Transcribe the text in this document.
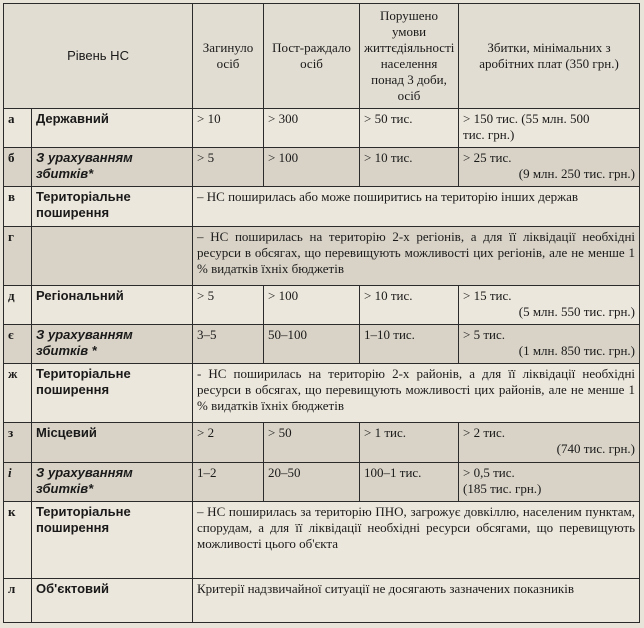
Рівень НС		Загинуло осіб	Пост-раждало осіб	Порушено умови життєдіяльності населення понад 3 доби, осіб	Збитки, мінімальних з аробітних плат (350 грн.)
а	Державний	> 10	> 300	> 50 тис.	> 150 тис. (55 млн. 500
тис. грн.)

б	З урахуванням збитків*	> 5	> 100	> 10 тис.	> 25 тис.
(9 млн. 250 тис. грн.)

в	Територіальне поширення	– НС поширилась або може поширитись на територію інших держав			
г		– НС поширилась на територію 2-х регіонів, а для її ліквідації необхідні ресурси в обсягах, що перевищують можливості цих регіонів, але не менше 1 % видатків їхніх бюджетів			
д	Регіональний	> 5	> 100	> 10 тис.	> 15 тис.
(5 млн. 550 тис. грн.)

є	З урахуванням збитків *	3–5	50–100	1–10 тис.	> 5 тис.
(1 млн. 850 тис. грн.)

ж	Територіальне поширення	- НС поширилась на територію 2-х районів, а для її ліквідації необхідні ресурси в обсягах, що перевищують можливості цих районів, але не менше 1 % видатків їхніх бюджетів			
з	Місцевий	> 2	> 50	> 1 тис.	> 2 тис.
(740 тис. грн.)

і	З урахуванням збитків*	1–2	20–50	100–1 тис.	> 0,5 тис.
(185 тис. грн.)

к	Територіальне поширення	– НС поширилась за територію ПНО, загрожує довкіллю, населеним пунктам, спорудам, а для її ліквідації необхідні ресурси обсягами, що перевищують можливості цього об'єкта			
л	Об'єктовий	Критерії надзвичайної ситуації не досягають зазначених показників			
